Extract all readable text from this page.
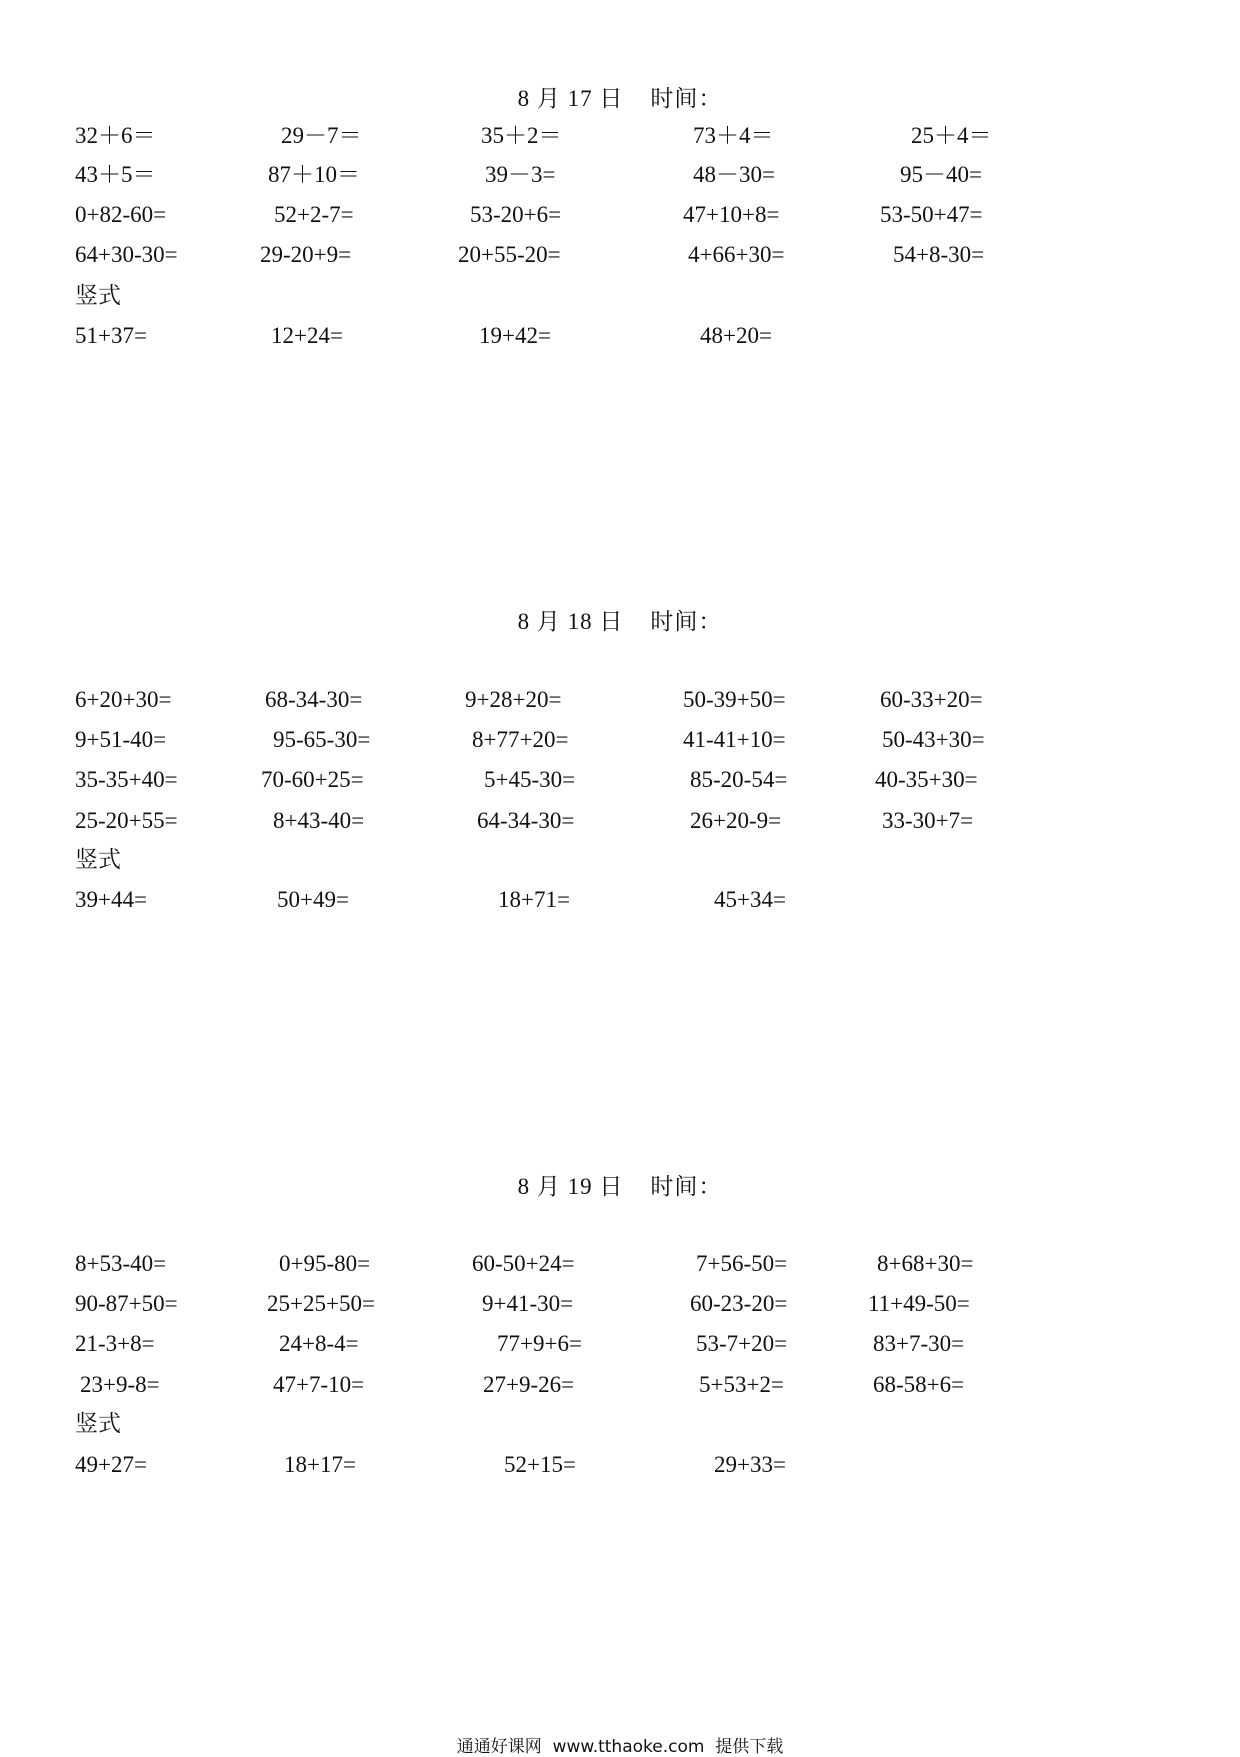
8 月 17 日    时间：
32＋6＝	29－7＝	35＋2＝	73＋4＝	25＋4＝
43＋5＝	87＋10＝	39－3=	48－30=	95－40=
0+82-60=	52+2-7=	53-20+6=	47+10+8=	53-50+47=
64+30-30=	29-20+9=	20+55-20=	4+66+30=	54+8-30=
竖式
51+37=	12+24=	19+42=	48+20=
8 月 18 日    时间：
6+20+30=	68-34-30=	9+28+20=	50-39+50=	60-33+20=
9+51-40=	95-65-30=	8+77+20=	41-41+10=	50-43+30=
35-35+40=	70-60+25=	5+45-30=	85-20-54=	40-35+30=
25-20+55=	8+43-40=	64-34-30=	26+20-9=	33-30+7=
竖式
39+44=	50+49=	18+71=	45+34=
8 月 19 日    时间：
8+53-40=	0+95-80=	60-50+24=	7+56-50=	8+68+30=
90-87+50=	25+25+50=	9+41-30=	60-23-20=	11+49-50=
21-3+8=	24+8-4=	77+9+6=	53-7+20=	83+7-30=
23+9-8=	47+7-10=	27+9-26=	5+53+2=	68-58+6=
竖式
49+27=	18+17=	52+15=	29+33=
通通好课网  www.tthaoke.com  提供下载
